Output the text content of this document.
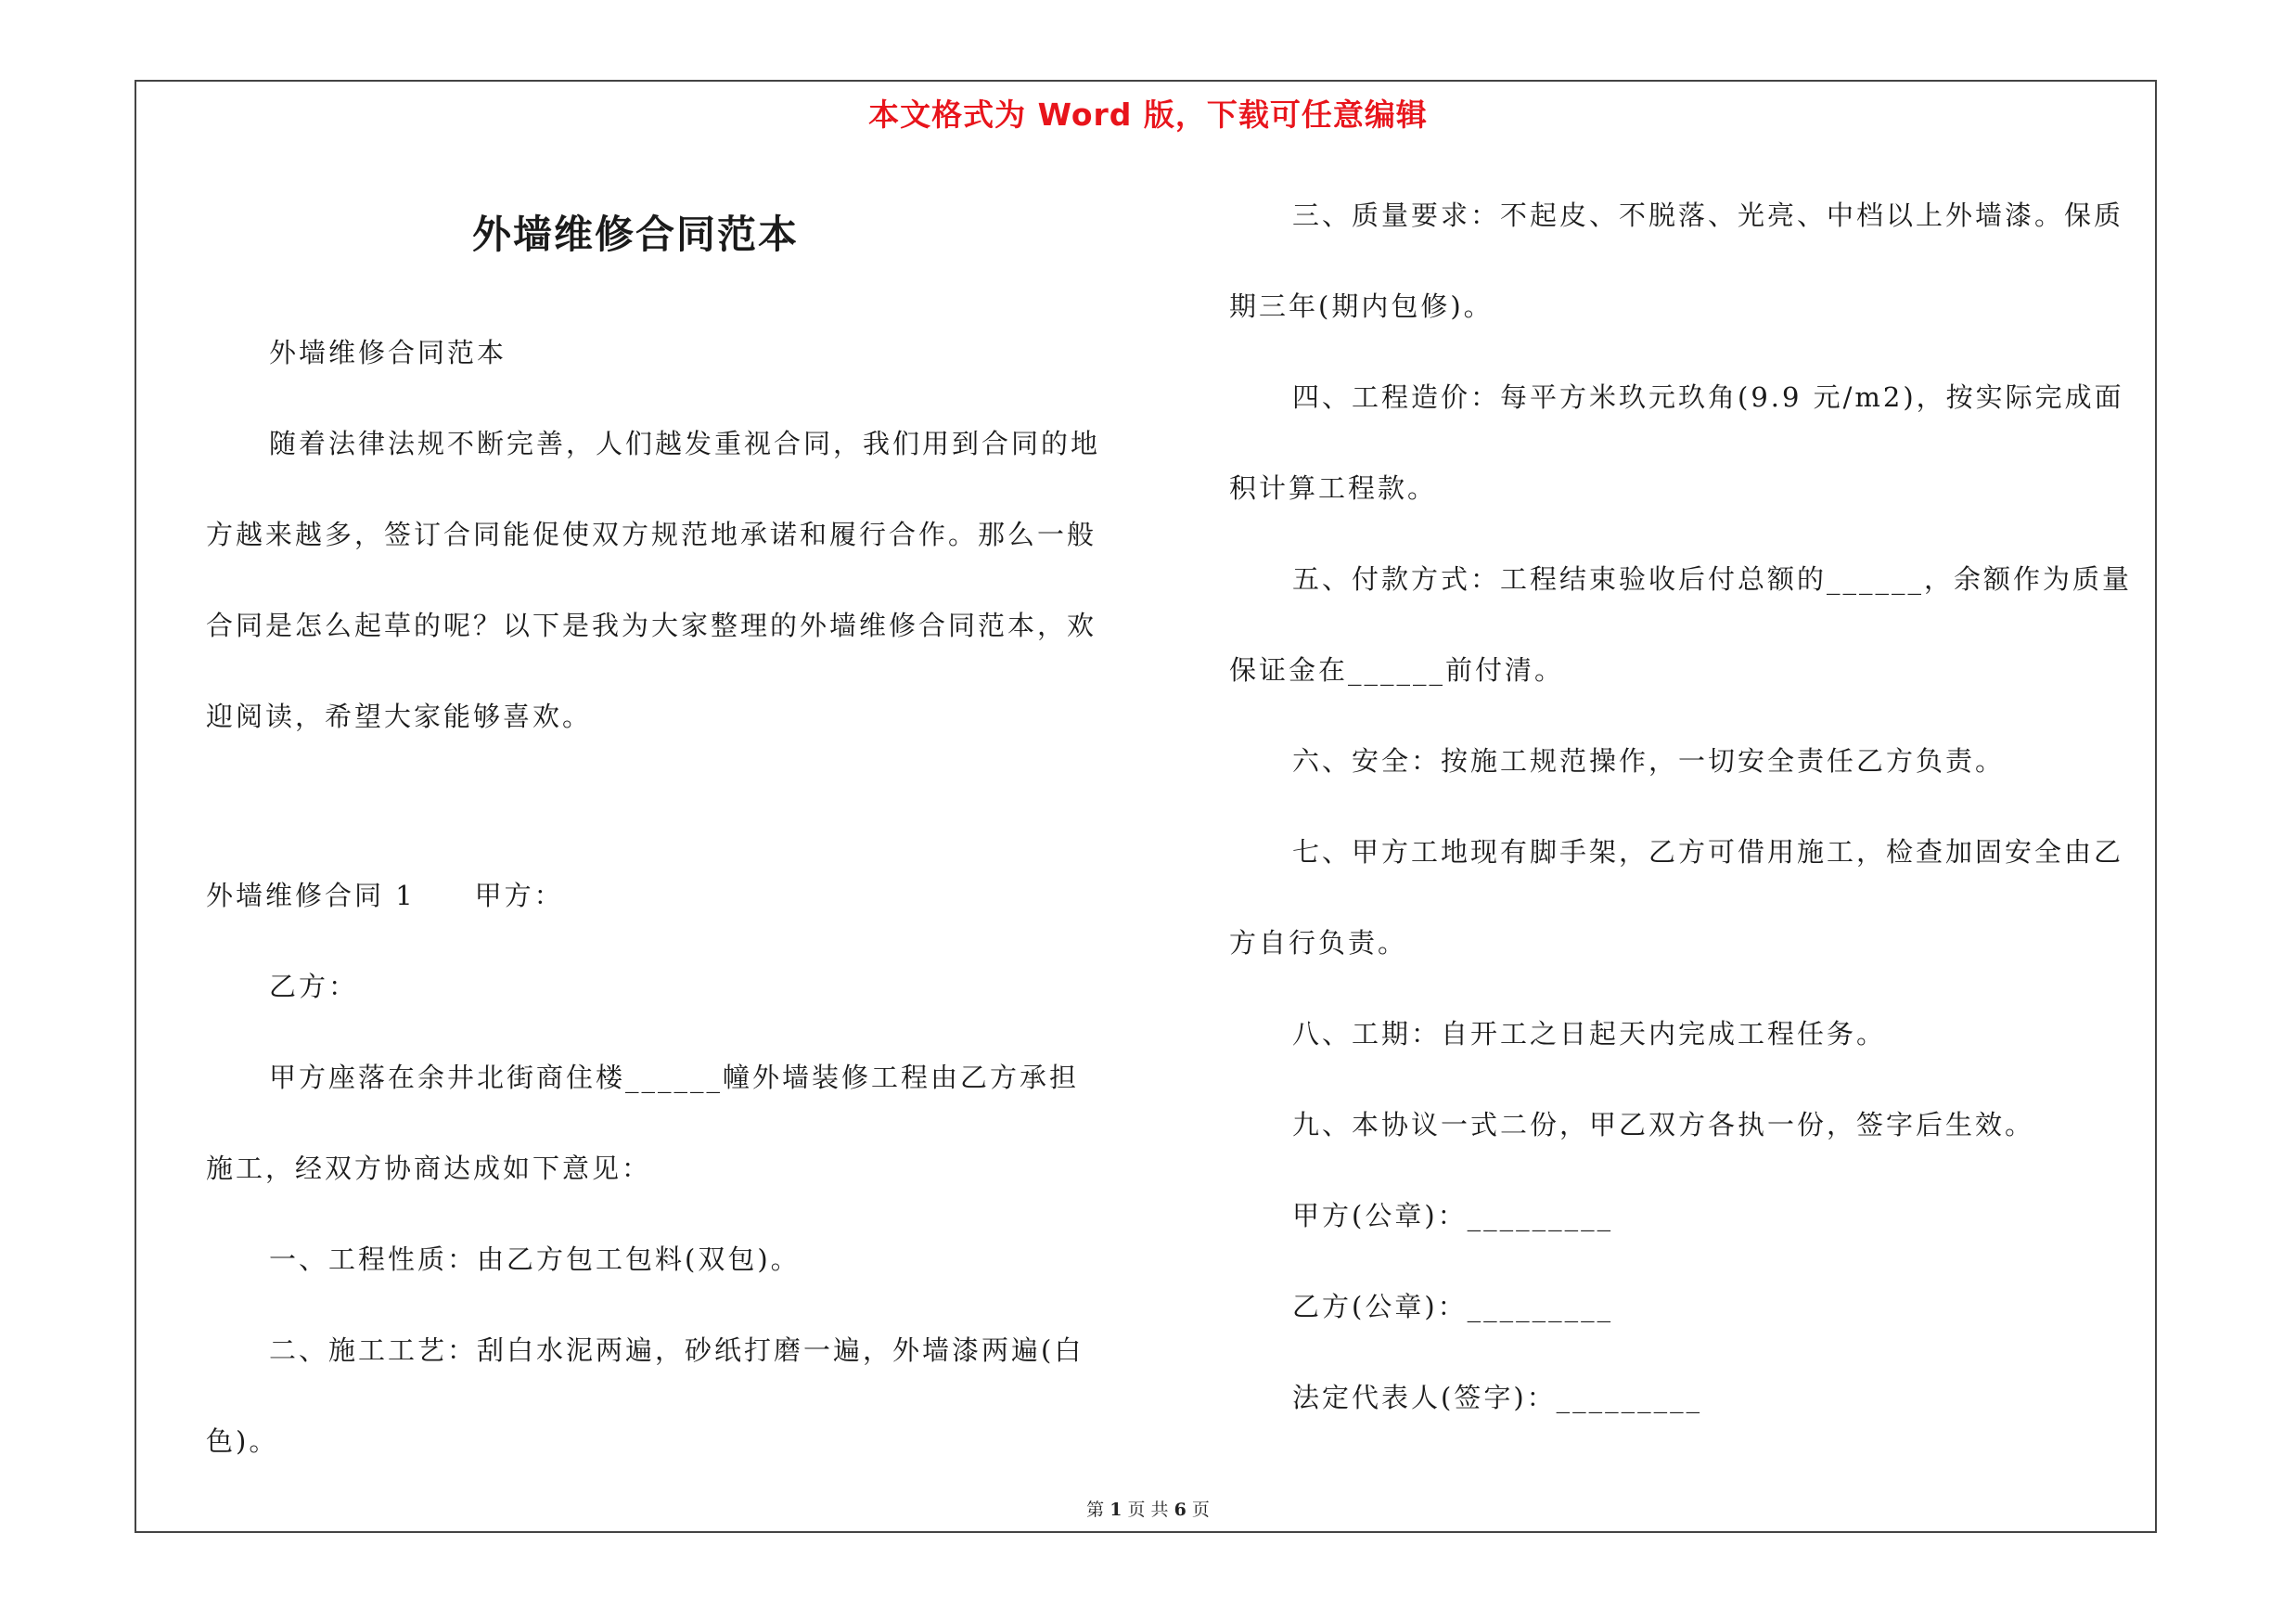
本文格式为 Word 版，下载可任意编辑
外墙维修合同范本
外墙维修合同范本
随着法律法规不断完善，人们越发重视合同，我们用到合同的地
方越来越多，签订合同能促使双方规范地承诺和履行合作。那么一般
合同是怎么起草的呢？以下是我为大家整理的外墙维修合同范本，欢
迎阅读，希望大家能够喜欢。
外墙维修合同 1　　甲方：
乙方：
甲方座落在余井北街商住楼______幢外墙装修工程由乙方承担
施工，经双方协商达成如下意见：
一、工程性质：由乙方包工包料(双包)。
二、施工工艺：刮白水泥两遍，砂纸打磨一遍，外墙漆两遍(白
色)。
三、质量要求：不起皮、不脱落、光亮、中档以上外墙漆。保质
期三年(期内包修)。
四、工程造价：每平方米玖元玖角(9.9 元/m2)，按实际完成面
积计算工程款。
五、付款方式：工程结束验收后付总额的______，余额作为质量
保证金在______前付清。
六、安全：按施工规范操作，一切安全责任乙方负责。
七、甲方工地现有脚手架，乙方可借用施工，检查加固安全由乙
方自行负责。
八、工期：自开工之日起天内完成工程任务。
九、本协议一式二份，甲乙双方各执一份，签字后生效。
甲方(公章)：_________
乙方(公章)：_________
法定代表人(签字)：_________
第 1 页 共 6 页
